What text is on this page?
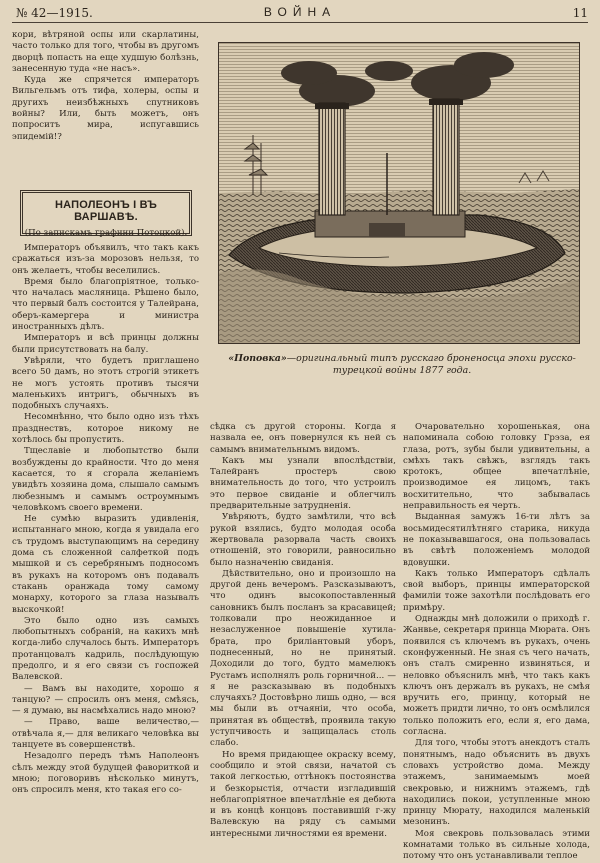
№ 42—1915.	ВОЙНА	11

кори, вѣтряной оспы или скарлатины, часто только для того, чтобы въ другомъ дворцѣ попасть на еще худшую болѣзнь, занесенную туда «не насъ».

Куда же спрячется императоръ Вильгельмъ отъ тифа, холеры, оспы и другихъ неизбѣжныхъ спутниковъ войны? Или, быть можетъ, онъ попроситъ мира, испугавшись эпидемій!?

НАПОЛЕОНЪ I ВЪ ВАРШАВѢ.
(По запискамъ графини Потоцкой).

Императоръ объявилъ, что такъ какъ сражаться изъ-за морозовъ нельзя, то онъ желаетъ, чтобы веселились.

Время было благопріятное, только-что началась масляница. Рѣшено было, что первый балъ состоится у Талейрана, оберъ-камергера и министра иностранныхъ дѣлъ.

Императоръ и всѣ принцы должны были присутствовать на балу.

Увѣряли, что будетъ приглашено всего 50 дамъ, но этотъ строгій этикетъ не могъ устоять противъ тысячи маленькихъ интригъ, обычныхъ въ подобныхъ случаяхъ.

Несомнѣнно, что было одно изъ тѣхъ празднествъ, которое никому не хотѣлось бы пропустить.

Тщеславіе и любопытство были возбуждены до крайности. Что до меня касается, то я сгорала желаніемъ увидѣть хозяина дома, слышало самымъ любезнымъ и самымъ остроумнымъ человѣкомъ своего времени.

Не сумѣю выразить удивленія, испытаннаго мною, когда я увидала его съ трудомъ выступающимъ на середину дома съ сложенной салфеткой подъ мышкой и съ серебрянымъ подносомъ въ рукахъ на которомъ онъ подавалъ стакань оранжада тому самому монарху, которого за глаза называлъ выскочкой!

Это было одно изъ самыхъ любопытныхъ собраній, на какихъ мнѣ когда-либо случалось быть. Императоръ протанцовалъ кадриль, послѣдующую предолго, и я его связи съ госпожей Валевской.

— Вамъ вы находите, хорошо я танцую? — спросилъ онъ меня, смѣясь,— я думаю, вы насмѣхались надо мною?

— Право, ваше величество,— отвѣчала я,— для великаго человѣка вы танцуете въ совершенствѣ.

Незадолго передъ тѣмъ Наполеонъ сѣлъ между этой будущей фавориткой и мною; поговоривъ нѣсколько минутъ, онъ спросилъ меня, кто такая его со-

«Поповка»—оригинальный типъ русскаго броненосца эпохи русско-турецкой войны 1877 года.

сѣдка съ другой стороны. Когда я назвала ее, онъ повернулся къ ней съ самымъ внимательнымъ видомъ.

Какъ мы узнали впослѣдствіи, Талейранъ простеръ свою внимательность до того, что устроилъ это первое свиданіе и облегчилъ предварительные затрудненія.

Увѣряютъ, будто замѣтили, что всѣ рукой взялись, будто молодая особа жертвовала разорвала часть своихъ отношеній, это говорили, равносильно было назначенію свиданія.

Дѣйствительно, оно и произошло на другой день вечеромъ. Разсказываютъ, что одинъ высокопоставленный сановникъ былъ посланъ за красавицей; толковали про неожиданное и незаслуженное повышеніе хутила-брата, про бриліантовый уборъ, поднесенный, но не принятый. Доходили до того, будто мамелюкъ Рустамъ исполнялъ роль горничной... — я не разсказываю въ подобныхъ случаяхъ? Достовѣрно лишь одно, — вся мы были въ отчаяніи, что особа, принятая въ обществѣ, проявила такую уступчивость и защищалась столь слабо.

Но время придающее окраску всему, сообщило и этой связи, начатой съ такой легкостью, оттѣнокъ постоянства и безкорыстія, отчасти изгладившій неблагопріятное впечатлѣніе ея дебюта и въ концѣ концовъ поставившій г-жу Валевскую на ряду съ самыми интересными личностями ея времени.

Очаровательно хорошенькая, она напоминала собою головку Грэза, ея глаза, ротъ, зубы были удивительны, а смѣхъ такъ свѣжъ, взглядъ такъ кротокъ, общее впечатлѣніе, производимое ея лицомъ, такъ восхитительно, что забывалась неправильность ея черть.

Выданная замужъ 16-ти лѣтъ за восьмидесятилѣтняго старика, никуда не показывавшагося, она пользовалась въ свѣтѣ положеніемъ молодой вдовушки.

Какъ только Императоръ сдѣлалъ свой выборъ, принцы императорской фамиліи тоже захотѣли послѣдовать его примѣру.

Однажды мнѣ доложили о приходѣ г. Жанвье, секретаря принца Мюрата. Онъ появился съ ключемъ въ рукахъ, очень сконфуженный. Не зная съ чего начать, онъ сталъ смиренно извиняться, и неловко объяснилъ мнѣ, что такъ какъ ключъ онъ держалъ въ рукахъ, не смѣя вручить его, принцу, который не можетъ придти лично, то онъ осмѣлился только положить его, если я, его дама, согласна.

Для того, чтобы этотъ анекдотъ сталъ понятнымъ, надо объяснить въ двухъ словахъ устройство дома. Между этажемъ, занимаемымъ моей свекровью, и нижнимъ этажемъ, гдѣ находились покои, уступленные мною принцу Мюрату, находился маленькій мезонинъ.

Моя свекровь пользовалась этими комнатами только въ сильные холода, потому что онъ устанавливали теплое
